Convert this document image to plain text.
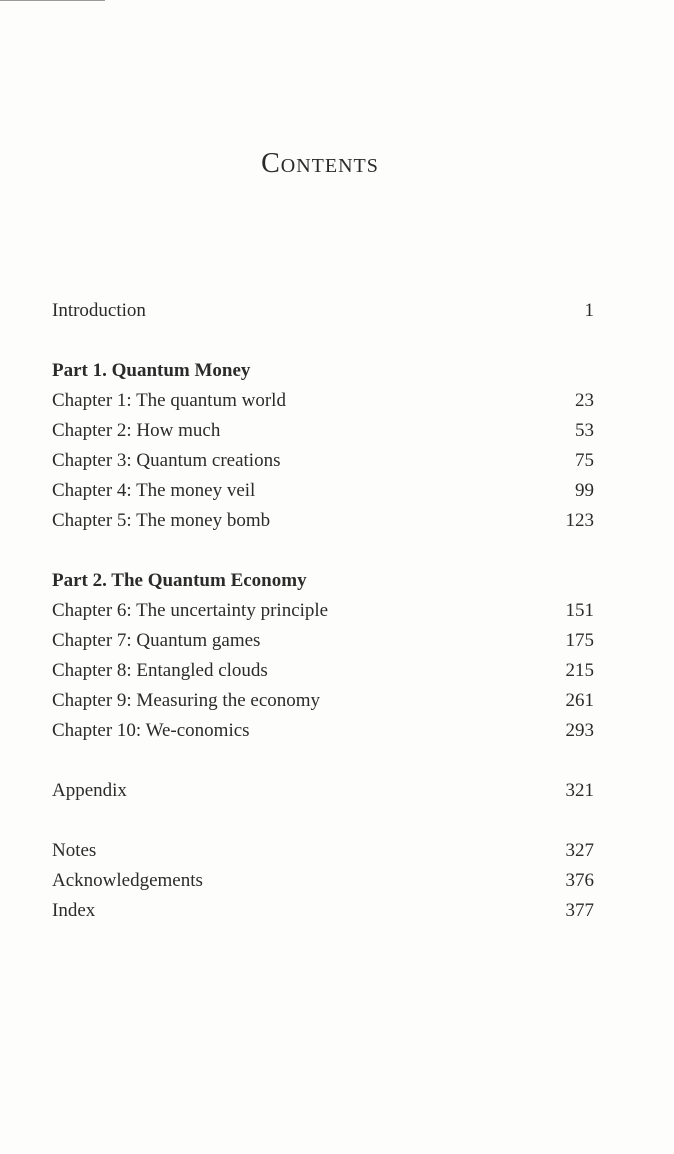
Contents
Introduction	1
Part 1. Quantum Money
Chapter 1: The quantum world	23
Chapter 2: How much	53
Chapter 3: Quantum creations	75
Chapter 4: The money veil	99
Chapter 5: The money bomb	123
Part 2. The Quantum Economy
Chapter 6: The uncertainty principle	151
Chapter 7: Quantum games	175
Chapter 8: Entangled clouds	215
Chapter 9: Measuring the economy	261
Chapter 10: We-conomics	293
Appendix	321
Notes	327
Acknowledgements	376
Index	377
